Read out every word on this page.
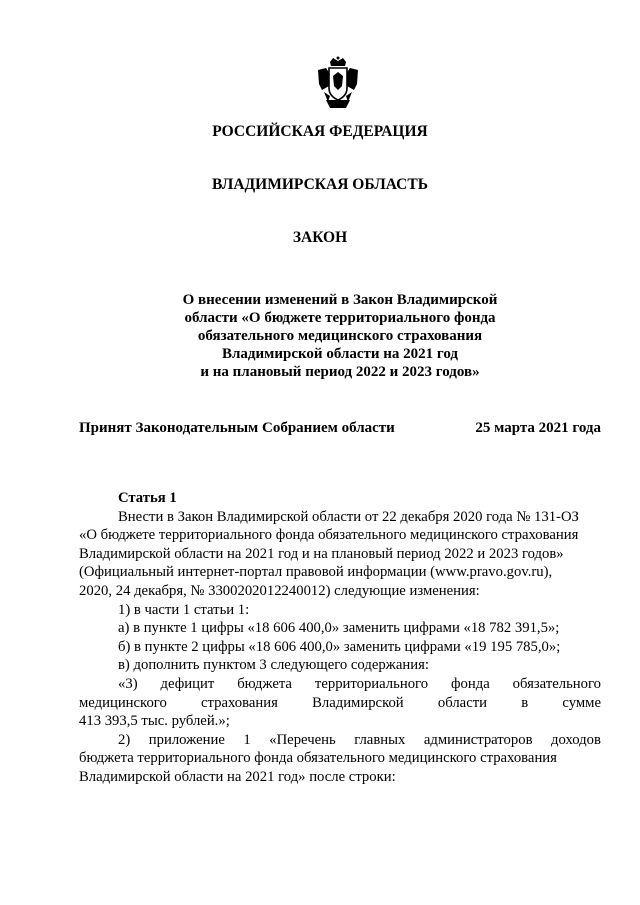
РОССИЙСКАЯ ФЕДЕРАЦИЯ
ВЛАДИМИРСКАЯ ОБЛАСТЬ
ЗАКОН
О внесении изменений в Закон Владимирской
области «О бюджете территориального фонда
обязательного медицинского страхования
Владимирской области на 2021 год
и на плановый период 2022 и 2023 годов»
Принят Законодательным Собранием области	25 марта 2021 года
Статья 1
Внести в Закон Владимирской области от 22 декабря 2020 года № 131-ОЗ
«О бюджете территориального фонда обязательного медицинского страхования
Владимирской области на 2021 год и на плановый период 2022 и 2023 годов»
(Официальный интернет-портал правовой информации (www.pravo.gov.ru),
2020, 24 декабря, № 3300202012240012) следующие изменения:
1) в части 1 статьи 1:
а) в пункте 1 цифры «18 606 400,0» заменить цифрами «18 782 391,5»;
б) в пункте 2 цифры «18 606 400,0» заменить цифрами «19 195 785,0»;
в) дополнить пунктом 3 следующего содержания:
«3) дефицит бюджета территориального фонда обязательного
медицинского страхования Владимирской области в сумме
413 393,5 тыс. рублей.»;
2) приложение 1 «Перечень главных администраторов доходов
бюджета территориального фонда обязательного медицинского страхования
Владимирской области на 2021 год» после строки:
